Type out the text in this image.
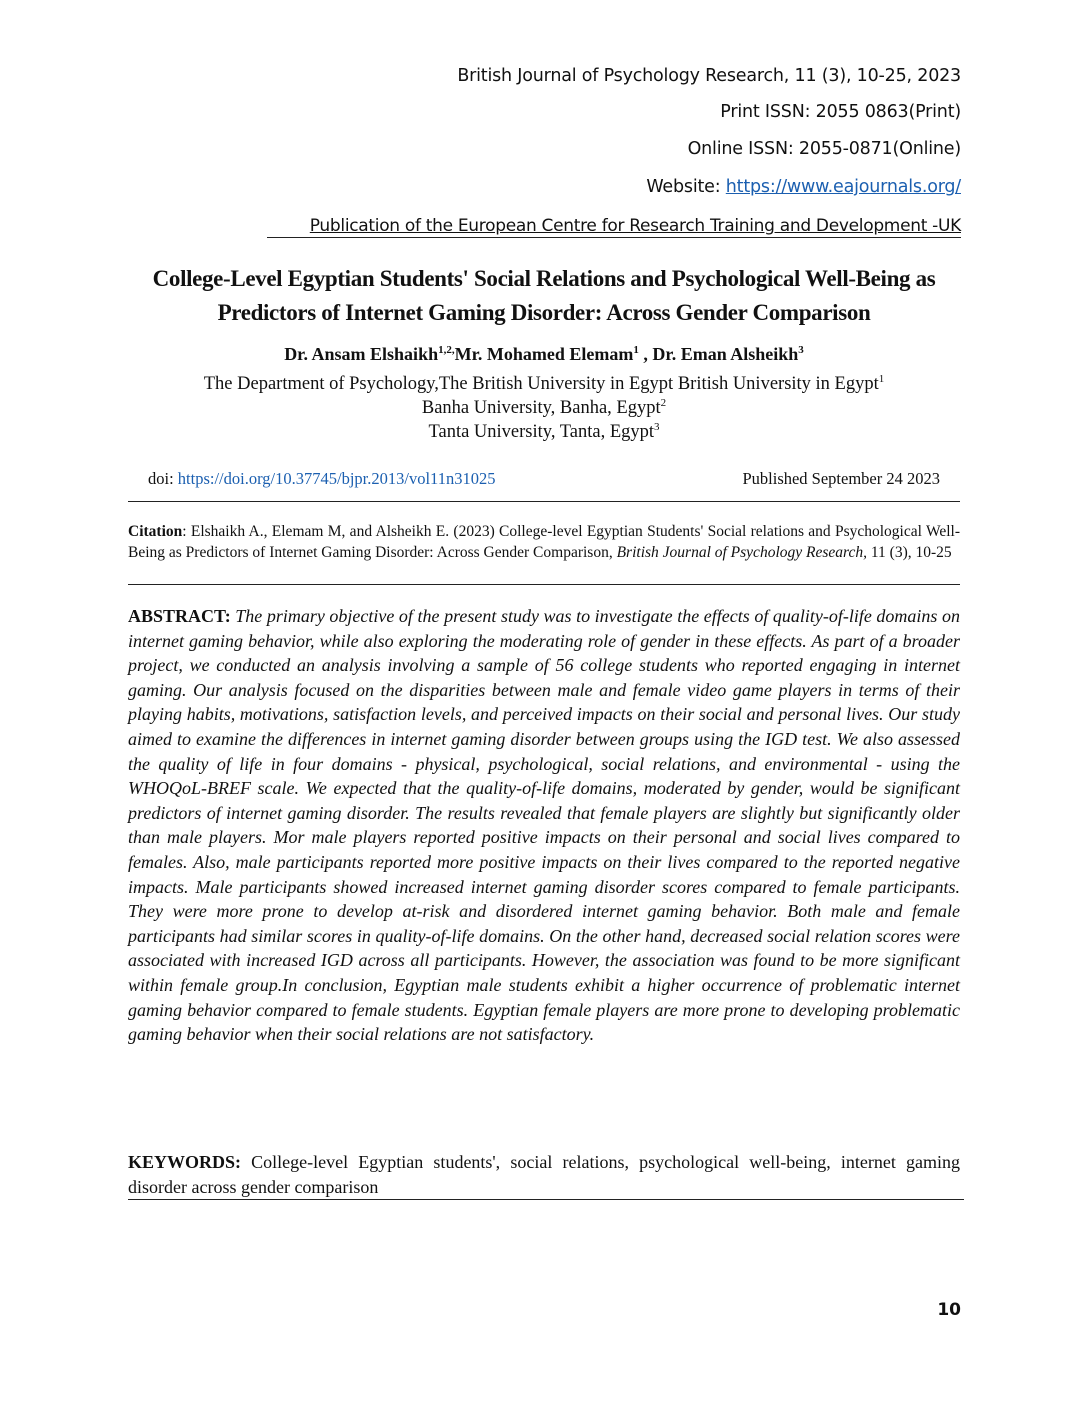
British Journal of Psychology Research, 11 (3), 10-25, 2023
Print ISSN: 2055 0863(Print)
Online ISSN: 2055-0871(Online)
Website: https://www.eajournals.org/
Publication of the European Centre for Research Training and Development -UK
College-Level Egyptian Students' Social Relations and Psychological Well-Being as Predictors of Internet Gaming Disorder: Across Gender Comparison
Dr. Ansam Elshaikh$^{1,2,}$Mr. Mohamed Elemam$^1$ , Dr. Eman Alsheikh$^3$
The Department of Psychology,The British University in Egypt British University in Egypt$^1$
Banha University, Banha, Egypt$^2$
Tanta University, Tanta, Egypt$^3$
doi: https://doi.org/10.37745/bjpr.2013/vol11n31025	Published September 24 2023

Citation: Elshaikh A., Elemam M, and Alsheikh E. (2023) College-level Egyptian Students' Social relations and Psychological Well-Being as Predictors of Internet Gaming Disorder: Across Gender Comparison, British Journal of Psychology Research, 11 (3), 10-25

ABSTRACT: The primary objective of the present study was to investigate the effects of quality-of-life domains on internet gaming behavior, while also exploring the moderating role of gender in these effects. As part of a broader project, we conducted an analysis involving a sample of 56 college students who reported engaging in internet gaming. Our analysis focused on the disparities between male and female video game players in terms of their playing habits, motivations, satisfaction levels, and perceived impacts on their social and personal lives. Our study aimed to examine the differences in internet gaming disorder between groups using the IGD test. We also assessed the quality of life in four domains - physical, psychological, social relations, and environmental - using the WHOQoL-BREF scale. We expected that the quality-of-life domains, moderated by gender, would be significant predictors of internet gaming disorder. The results revealed that female players are slightly but significantly older than male players. Mor male players reported positive impacts on their personal and social lives compared to females. Also, male participants reported more positive impacts on their lives compared to the reported negative impacts. Male participants showed increased internet gaming disorder scores compared to female participants. They were more prone to develop at-risk and disordered internet gaming behavior. Both male and female participants had similar scores in quality-of-life domains. On the other hand, decreased social relation scores were associated with increased IGD across all participants. However, the association was found to be more significant within female group.In conclusion, Egyptian male students exhibit a higher occurrence of problematic internet gaming behavior compared to female students. Egyptian female players are more prone to developing problematic gaming behavior when their social relations are not satisfactory.

KEYWORDS: College-level Egyptian students', social relations, psychological well-being, internet gaming disorder across gender comparison

10
